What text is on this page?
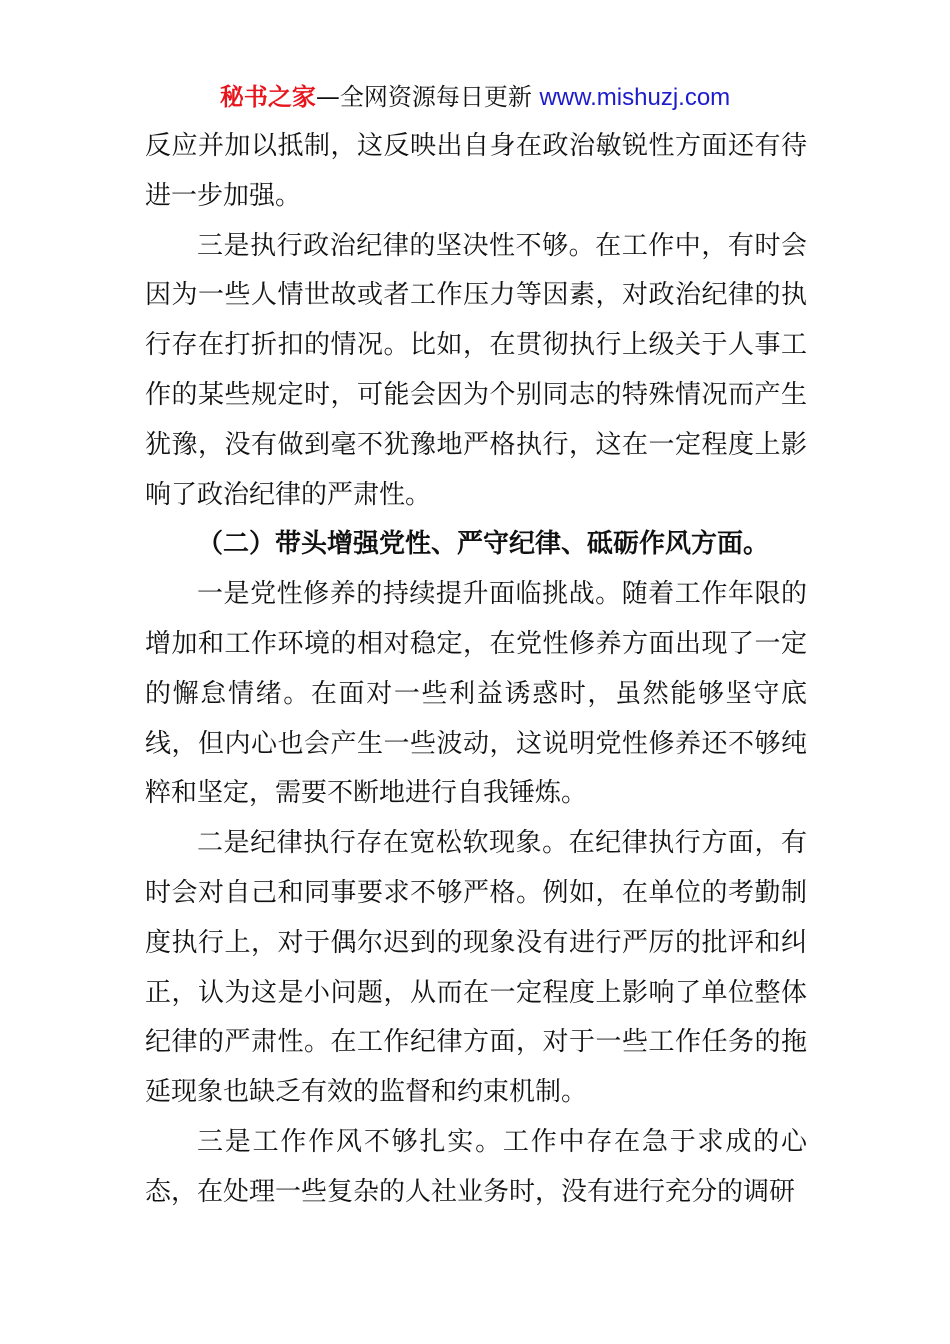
秘书之家—全网资源每日更新 www.mishuzj.com

反应并加以抵制，这反映出自身在政治敏锐性方面还有待进一步加强。

三是执行政治纪律的坚决性不够。在工作中，有时会因为一些人情世故或者工作压力等因素，对政治纪律的执行存在打折扣的情况。比如，在贯彻执行上级关于人事工作的某些规定时，可能会因为个别同志的特殊情况而产生犹豫，没有做到毫不犹豫地严格执行，这在一定程度上影响了政治纪律的严肃性。

（二）带头增强党性、严守纪律、砥砺作风方面。

一是党性修养的持续提升面临挑战。随着工作年限的增加和工作环境的相对稳定，在党性修养方面出现了一定的懈怠情绪。在面对一些利益诱惑时，虽然能够坚守底线，但内心也会产生一些波动，这说明党性修养还不够纯粹和坚定，需要不断地进行自我锤炼。

二是纪律执行存在宽松软现象。在纪律执行方面，有时会对自己和同事要求不够严格。例如，在单位的考勤制度执行上，对于偶尔迟到的现象没有进行严厉的批评和纠正，认为这是小问题，从而在一定程度上影响了单位整体纪律的严肃性。在工作纪律方面，对于一些工作任务的拖延现象也缺乏有效的监督和约束机制。

三是工作作风不够扎实。工作中存在急于求成的心态，在处理一些复杂的人社业务时，没有进行充分的调研
